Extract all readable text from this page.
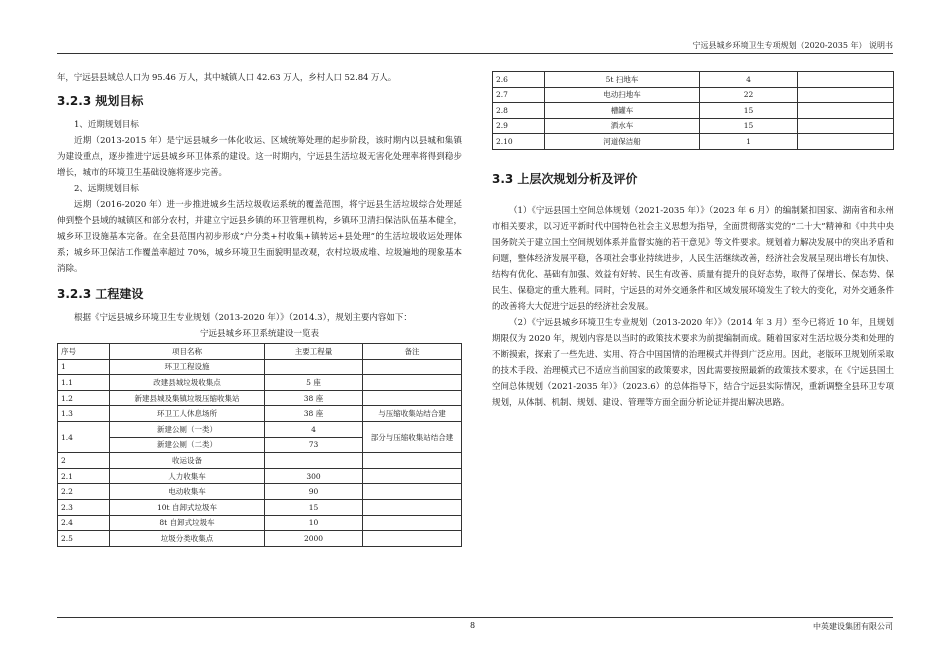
宁远县城乡环境卫生专项规划（2020-2035 年） 说明书

年，宁远县县域总人口为 95.46 万人，其中城镇人口 42.63 万人，乡村人口 52.84 万人。

3.2.3 规划目标

1、近期规划目标

近期（2013-2015 年）是宁远县城乡一体化收运、区域统筹处理的起步阶段，该时期内以县城和集镇为建设重点，逐步推进宁远县城乡环卫体系的建设。这一时期内，宁远县生活垃圾无害化处理率将得到稳步增长，城市的环境卫生基础设施将逐步完善。

2、远期规划目标

远期（2016-2020 年）进一步推进城乡生活垃圾收运系统的覆盖范围，将宁远县生活垃圾综合处理延伸到整个县域的城镇区和部分农村，并建立宁远县乡镇的环卫管理机构，乡镇环卫清扫保洁队伍基本健全，城乡环卫设施基本完备。在全县范围内初步形成“户分类+村收集+镇转运+县处理”的生活垃圾收运处理体系；城乡环卫保洁工作覆盖率超过 70%，城乡环境卫生面貌明显改观，农村垃圾成堆、垃圾遍地的现象基本消除。

3.2.3 工程建设

根据《宁远县城乡环境卫生专业规划（2013-2020 年）》（2014.3），规划主要内容如下：

宁远县城乡环卫系统建设一览表
序号	项目名称	主要工程量	备注
1	环卫工程设施		
1.1	改建县城垃圾收集点	5 座	
1.2	新建县城及集镇垃圾压缩收集站	38 座	
1.3	环卫工人休息场所	38 座	与压缩收集站结合建
1.4	新建公厕（一类）	4	部分与压缩收集站结合建
	新建公厕（二类）	73	
2	收运设备		
2.1	人力收集车	300	
2.2	电动收集车	90	
2.3	10t 自卸式垃圾车	15	
2.4	8t 自卸式垃圾车	10	
2.5	垃圾分类收集点	2000	
2.6	5t 扫地车	4	
2.7	电动扫地车	22	
2.8	槽罐车	15	
2.9	洒水车	15	
2.10	河道保洁船	1	
3.3 上层次规划分析及评价

（1）《宁远县国土空间总体规划（2021-2035 年）》（2023 年 6 月）的编制紧扣国家、湖南省和永州市相关要求，以习近平新时代中国特色社会主义思想为指导，全面贯彻落实党的“二十大”精神和《中共中央国务院关于建立国土空间规划体系并监督实施的若干意见》等文件要求。规划着力解决发展中的突出矛盾和问题，整体经济发展平稳，各项社会事业持续进步，人民生活继续改善，经济社会发展呈现出增长有加快、结构有优化、基础有加强、效益有好转、民生有改善、质量有提升的良好态势，取得了保增长、保态势、保民生、保稳定的重大胜利。同时，宁远县的对外交通条件和区域发展环境发生了较大的变化，对外交通条件的改善将大大促进宁远县的经济社会发展。

（2）《宁远县城乡环境卫生专业规划（2013-2020 年）》（2014 年 3 月）至今已将近 10 年，且规划期限仅为 2020 年，规划内容是以当时的政策技术要求为前提编制而成。随着国家对生活垃圾分类和处理的不断摸索，探索了一些先进、实用、符合中国国情的治理模式并得到广泛应用。因此，老版环卫规划所采取的技术手段、治理模式已不适应当前国家的政策要求，因此需要按照最新的政策技术要求，在《宁远县国土空间总体规划（2021-2035 年）》（2023.6）的总体指导下，结合宁远县实际情况，重新调整全县环卫专项规划，从体制、机制、规划、建设、管理等方面全面分析论证并提出解决思路。

8	中英建设集团有限公司
